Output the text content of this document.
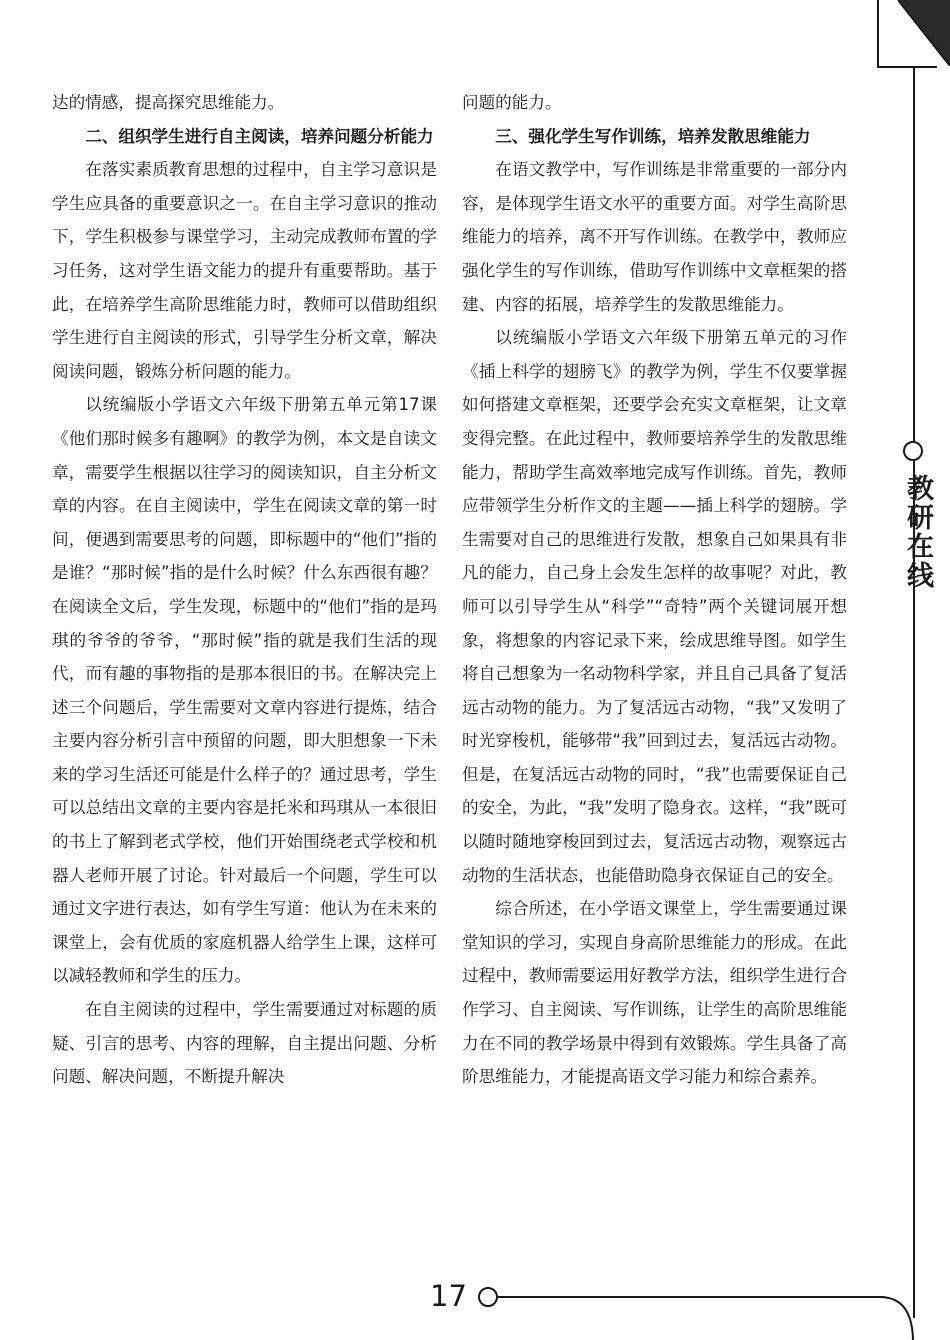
教研在线

达的情感，提高探究思维能力。

二、组织学生进行自主阅读，培养问题分析能力

在落实素质教育思想的过程中，自主学习意识是学生应具备的重要意识之一。在自主学习意识的推动下，学生积极参与课堂学习，主动完成教师布置的学习任务，这对学生语文能力的提升有重要帮助。基于此，在培养学生高阶思维能力时，教师可以借助组织学生进行自主阅读的形式，引导学生分析文章，解决阅读问题，锻炼分析问题的能力。

以统编版小学语文六年级下册第五单元第17课《他们那时候多有趣啊》的教学为例，本文是自读文章，需要学生根据以往学习的阅读知识，自主分析文章的内容。在自主阅读中，学生在阅读文章的第一时间，便遇到需要思考的问题，即标题中的“他们”指的是谁？“那时候”指的是什么时候？什么东西很有趣？在阅读全文后，学生发现，标题中的“他们”指的是玛琪的爷爷的爷爷，“那时候”指的就是我们生活的现代，而有趣的事物指的是那本很旧的书。在解决完上述三个问题后，学生需要对文章内容进行提炼，结合主要内容分析引言中预留的问题，即大胆想象一下未来的学习生活还可能是什么样子的？通过思考，学生可以总结出文章的主要内容是托米和玛琪从一本很旧的书上了解到老式学校，他们开始围绕老式学校和机器人老师开展了讨论。针对最后一个问题，学生可以通过文字进行表达，如有学生写道：他认为在未来的课堂上，会有优质的家庭机器人给学生上课，这样可以减轻教师和学生的压力。

在自主阅读的过程中，学生需要通过对标题的质疑、引言的思考、内容的理解，自主提出问题、分析问题、解决问题，不断提升解决

问题的能力。

三、强化学生写作训练，培养发散思维能力

在语文教学中，写作训练是非常重要的一部分内容，是体现学生语文水平的重要方面。对学生高阶思维能力的培养，离不开写作训练。在教学中，教师应强化学生的写作训练，借助写作训练中文章框架的搭建、内容的拓展，培养学生的发散思维能力。

以统编版小学语文六年级下册第五单元的习作《插上科学的翅膀飞》的教学为例，学生不仅要掌握如何搭建文章框架，还要学会充实文章框架，让文章变得完整。在此过程中，教师要培养学生的发散思维能力，帮助学生高效率地完成写作训练。首先，教师应带领学生分析作文的主题——插上科学的翅膀。学生需要对自己的思维进行发散，想象自己如果具有非凡的能力，自己身上会发生怎样的故事呢？对此，教师可以引导学生从“科学”“奇特”两个关键词展开想象，将想象的内容记录下来，绘成思维导图。如学生将自己想象为一名动物科学家，并且自己具备了复活远古动物的能力。为了复活远古动物，“我”又发明了时光穿梭机，能够带“我”回到过去，复活远古动物。但是，在复活远古动物的同时，“我”也需要保证自己的安全，为此，“我”发明了隐身衣。这样，“我”既可以随时随地穿梭回到过去，复活远古动物，观察远古动物的生活状态，也能借助隐身衣保证自己的安全。

综合所述，在小学语文课堂上，学生需要通过课堂知识的学习，实现自身高阶思维能力的形成。在此过程中，教师需要运用好教学方法，组织学生进行合作学习、自主阅读、写作训练，让学生的高阶思维能力在不同的教学场景中得到有效锻炼。学生具备了高阶思维能力，才能提高语文学习能力和综合素养。

17
